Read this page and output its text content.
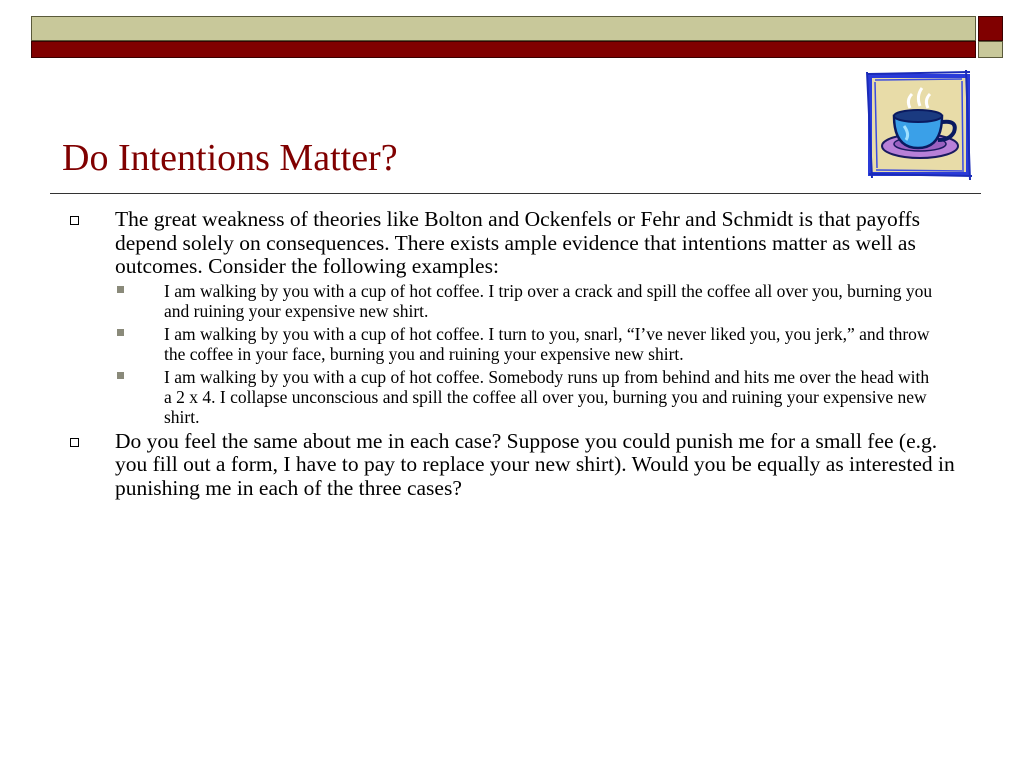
Do Intentions Matter?
The great weakness of theories like Bolton and Ockenfels or Fehr and Schmidt is that payoffs depend solely on consequences. There exists ample evidence that intentions matter as well as outcomes. Consider the following examples:
I am walking by you with a cup of hot coffee. I trip over a crack and spill the coffee all over you, burning you and ruining your expensive new shirt.
I am walking by you with a cup of hot coffee. I turn to you, snarl, “I’ve never liked you, you jerk,” and throw the coffee in your face, burning you and ruining your expensive new shirt.
I am walking by you with a cup of hot coffee. Somebody runs up from behind and hits me over the head with a 2 x 4. I collapse unconscious and spill the coffee all over you, burning you and ruining your expensive new shirt.
Do you feel the same about me in each case? Suppose you could punish me for a small fee (e.g. you fill out a form, I have to pay to replace your new shirt). Would you be equally as interested in punishing me in each of the three cases?
